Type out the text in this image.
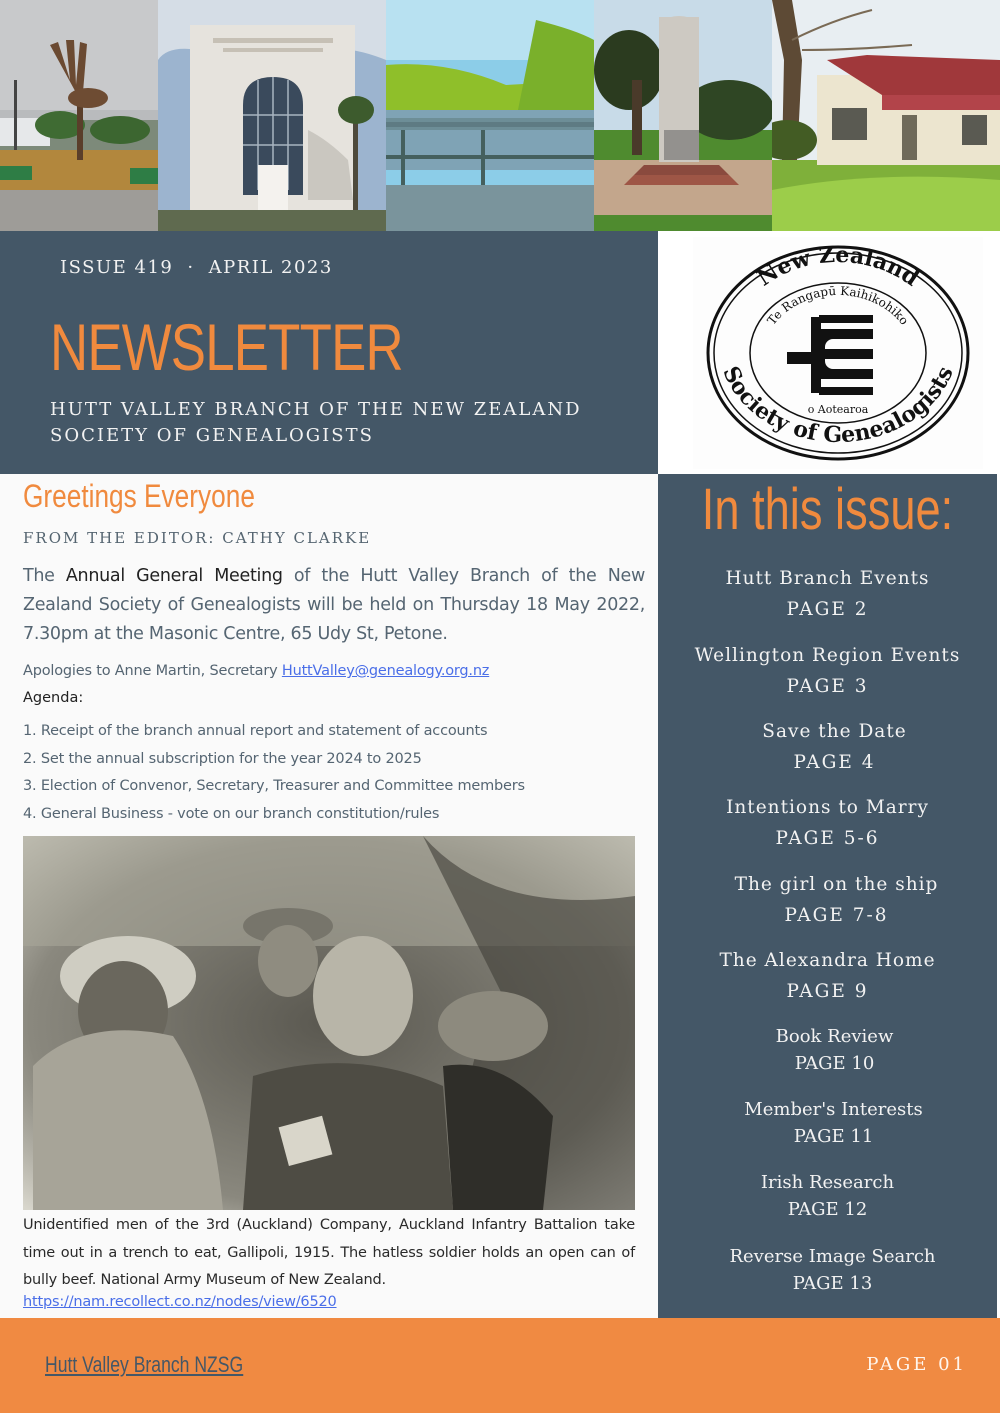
ISSUE 419 · APRIL 2023
NEWSLETTER
HUTT VALLEY BRANCH OF THE NEW ZEALAND
SOCIETY OF GENEALOGISTS
New Zealand
Te Rangapū Kaihikohiko
Society of Genealogists
o Aotearoa
Greetings Everyone
FROM THE EDITOR: CATHY CLARKE

The Annual General Meeting of the Hutt Valley Branch of the New Zealand Society of Genealogists will be held on Thursday 18 May 2022, 7.30pm at the Masonic Centre, 65 Udy St, Petone.

Apologies to Anne Martin, Secretary HuttValley@genealogy.org.nz
Agenda:
1. Receipt of the branch annual report and statement of accounts
2. Set the annual subscription for the year 2024 to 2025
3. Election of Convenor, Secretary, Treasurer and Committee members
4. General Business - vote on our branch constitution/rules

Unidentified men of the 3rd (Auckland) Company, Auckland Infantry Battalion take time out in a trench to eat, Gallipoli, 1915. The hatless soldier holds an open can of bully beef. National Army Museum of New Zealand.

https://nam.recollect.co.nz/nodes/view/6520
In this issue:
Hutt Branch Events
PAGE 2
Wellington Region Events
PAGE 3
Save the Date
PAGE 4
Intentions to Marry
PAGE 5-6
The girl on the ship
PAGE 7-8
The Alexandra Home
PAGE 9
Book Review
PAGE 10
Member's Interests
PAGE 11
Irish Research
PAGE 12
Reverse Image Search
PAGE 13
Hutt Valley Branch NZSG	PAGE 01
